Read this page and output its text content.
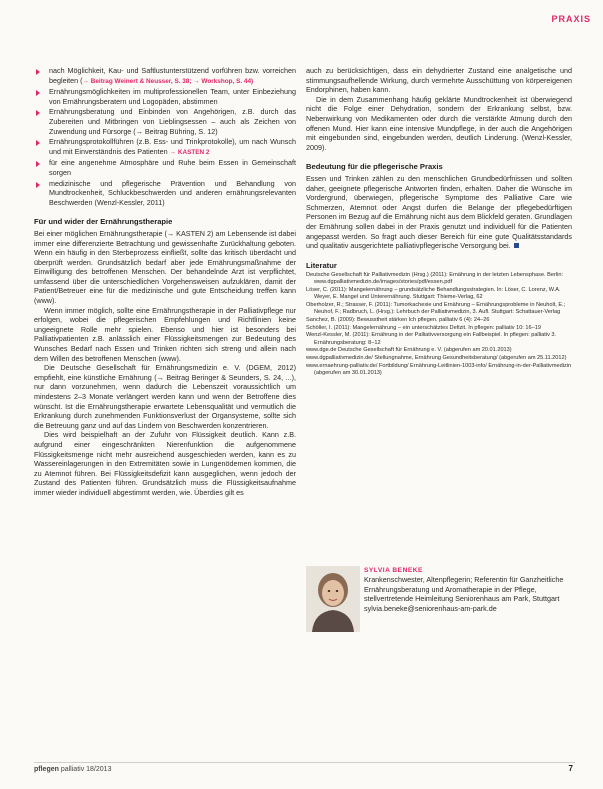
PRAXIS
nach Möglichkeit, Kau- und Saftlustunterstützend vorführen bzw. vorreichen begleiten (→ Beitrag Weinert & Neusser, S. 38; → Workshop, S. 44)
Ernährungsmöglichkeiten im multiprofessionellen Team, unter Einbeziehung von Ernährungsberatern und Logopäden, abstimmen
Ernährungsberatung und Einbinden von Angehörigen, z.B. durch das Zubereiten und Mitbringen von Lieblingsessen – auch als Zeichen von Zuwendung und Fürsorge (→ Beitrag Bühring, S. 12)
Ernährungsprotokollführen (z.B. Ess- und Trinkprotokolle), um nach Wunsch und mit Einverständnis des Patienten → KASTEN 2
für eine angenehme Atmosphäre und Ruhe beim Essen in Gemeinschaft sorgen
medizinische und pflegerische Prävention und Behandlung von Mundtrockenheit, Schluckbeschwerden und anderen ernährungsrelevanten Beschwerden (Wenzl-Kessler, 2011)
Für und wider der Ernährungstherapie

Bei einer möglichen Ernährungstherapie (→ KASTEN 2) am Lebensende ist dabei immer eine differenzierte Betrachtung und gewissenhafte Zurückhaltung geboten. Wenn ein häufig in den Sterbeprozess einfließt, sollte das kritisch überdacht und überprüft werden. Grundsätzlich bedarf aber jede Ernährungsmaßnahme der Einwilligung des betroffenen Menschen. Der behandelnde Arzt ist verpflichtet, umfassend über die unterschiedlichen Vorgehensweisen aufzuklären, damit der Patient/Betreuer eine für die medizinische und gute Entscheidung treffen kann (www).

Wenn immer möglich, sollte eine Ernährungstherapie in der Palliativpflege nur erfolgen, wobei die pflegerischen Empfehlungen und Richtlinien keine ungeeignete Rolle mehr spielen. Ebenso und hier ist besonders bei Palliativpatienten z.B. anlässlich einer Flüssigkeitsmengen zur Bedeutung des Wunsches Bedarf nach Essen und Trinken richten sich streng und allein nach dem Willen des betroffenen Menschen (www).

Die Deutsche Gesellschaft für Ernährungsmedizin e. V. (DGEM, 2012) empfiehlt, eine künstliche Ernährung (→ Beitrag Beringer & Seunders, S. 24, ...), nur dann vorzunehmen, wenn dadurch die Lebenszeit voraussichtlich um mindestens 2–3 Monate verlängert werden kann und wenn der Betroffene dies wünscht. Ist die Ernährungstherapie erwartete Lebensqualität und vermutlich die Erkrankung durch zunehmenden Funktionsverlust der Organsysteme, sollte sich die Betreuung ganz und auf das Lindern von Beschwerden konzentrieren.

Dies wird beispielhaft an der Zufuhr von Flüssigkeit deutlich. Kann z.B. aufgrund einer eingeschränkten Nierenfunktion die aufgenommene Flüssigkeitsmenge nicht mehr ausreichend ausgeschieden werden, kann es zu Wassereinlagerungen in den Extremitäten sowie in Lungenödemen kommen, die zu Atemnot führen. Bei Flüssigkeitsdefizit kann ausgeglichen, wenn jedoch der Zustand des Patienten führen. Grundsätzlich muss die Flüssigkeitsaufnahme immer wieder individuell abgestimmt werden, wie. Überdies gilt es

auch zu berücksichtigen, dass ein dehydrierter Zustand eine analgetische und stimmungsaufhellende Wirkung, durch vermehrte Ausschüttung von körpereigenen Endorphinen, haben kann.

Die in dem Zusammenhang häufig geklärte Mundtrockenheit ist überwiegend nicht die Folge einer Dehydration, sondern der Erkrankung selbst, bzw. Nebenwirkung von Medikamenten oder durch die verstärkte Atmung durch den offenen Mund. Hier kann eine intensive Mundpflege, in der auch die Angehörigen mit eingebunden sind, eingebunden werden, deutlich Linderung. (Wenzl-Kessler, 2009).

Bedeutung für die pflegerische Praxis

Essen und Trinken zählen zu den menschlichen Grundbedürfnissen und sollten daher, geeignete pflegerische Antworten finden, erhalten. Daher die Wünsche im Vordergrund, überwiegen, pflegerische Symptome des Palliative Care wie Schmerzen, Atemnot oder Angst durfen die Belange der pflegebedürftigen Personen im Bezug auf die Ernährung nicht aus dem Blickfeld geraten. Grundlagen der Ernährung sollen dabei in der Praxis genutzt und individuell für die Patienten angepasst werden. So fragt auch dieser Bereich für eine gute Qualitätsstandards und qualitativ ausgerichtete palliativpflegerische Versorgung bei.

Literatur
Deutsche Gesellschaft für Palliativmedizin (Hrsg.) (2011): Ernährung in der letzten Lebensphase. Berlin: www.dgpalliativmedizin.de/images/stories/pdf/essen.pdf
Löser, C. (2011): Mangelernährung – grundsätzliche Behandlungsstrategien. In: Löser, C. Lorenz, W.A. Weyer, E. Mangel und Unterernährung. Stuttgart: Thieme-Verlag, 62
Oberholzer, R.; Strasser, F. (2011): Tumorkachexie und Ernährung – Ernährungsprobleme in Neuholt, E.; Neuhof, F.; Radbruch, L. (Hrsg.): Lehrbuch der Palliativmedizin, 3. Aufl. Stuttgart: Schattauer-Verlag
Sanchez, B. (2009): Bewusstheit stärken Ich pflegen. palliativ 6 (4): 24–26
Schöller, I. (2011): Mangelernährung – ein unterschätztes Defizit. In pflegen: palliativ 10: 16–19
Wenzl-Kessler, M. (2011): Ernährung in der Palliativversorgung ein Fallbeispiel. In pflegen: palliativ 3. Ernährungsberatung: 8–12
www.dge.de Deutsche Gesellschaft für Ernährung e. V. (abgerufen am 20.01.2013)
www.dgpalliativmedizin.de/ Stellungnahme, Ernährung Gesundheitsberatung/ (abgerufen am 25.11.2012)
www.ernaehrung-palliativ.de/ Fortbildung/ Ernährung-Leitlinien-1003-info/ Ernährung-in-der-Palliativmedizin (abgerufen am 30.01.2013)
SYLVIA BENEKE
Krankenschwester, Altenpflegerin; Referentin für Ganzheitliche Ernährungsberatung und Aromatherapie in der Pflege, stellvertretende Heimleitung Seniorenhaus am Park, Stuttgart
sylvia.beneke@seniorenhaus-am-park.de
pflegen palliativ 18/2013	7
